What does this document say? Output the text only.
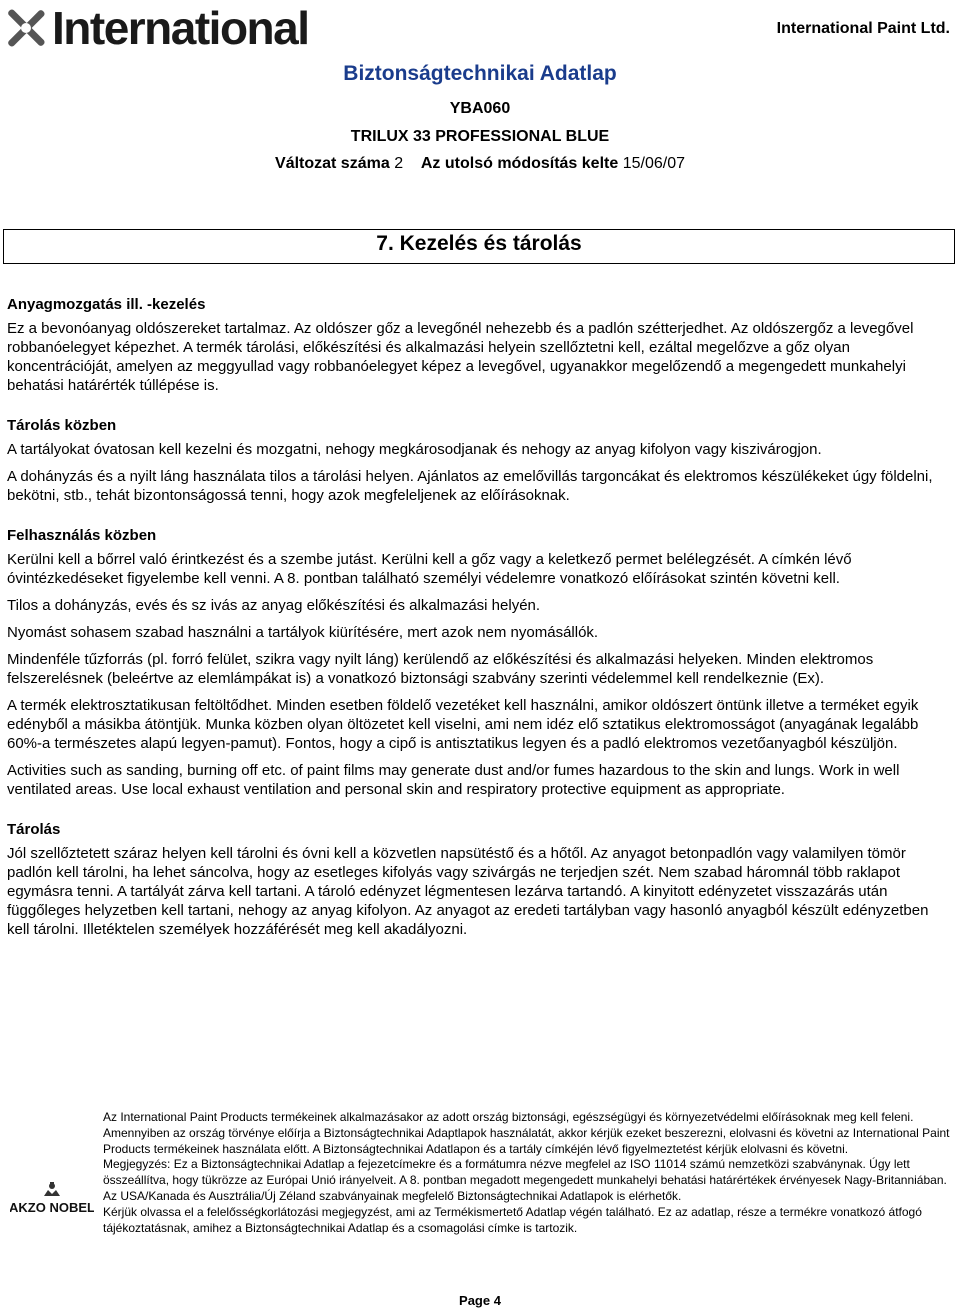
International	International Paint Ltd.
Biztonságtechnikai Adatlap
YBA060
TRILUX 33 PROFESSIONAL BLUE
Változat száma 2 Az utolsó módosítás kelte 15/06/07
7. Kezelés és tárolás
Anyagmozgatás ill. -kezelés
Ez a bevonóanyag oldószereket tartalmaz. Az oldószer gőz a levegőnél nehezebb és a padlón szétterjedhet. Az oldószergőz a levegővel robbanóelegyet képezhet. A termék tárolási, előkészítési és alkalmazási helyein szellőztetni kell, ezáltal megelőzve a gőz olyan koncentrációját, amelyen az meggyullad vagy robbanóelegyet képez a levegővel, ugyanakkor megelőzendő a megengedett munkahelyi behatási határérték túllépése is.
Tárolás közben
A tartályokat óvatosan kell kezelni és mozgatni, nehogy megkárosodjanak és nehogy az anyag kifolyon vagy kiszivárogjon.
A dohányzás és a nyilt láng használata tilos a tárolási helyen. Ajánlatos az emelővillás targoncákat és elektromos készülékeket úgy földelni, bekötni, stb., tehát bizontonságossá tenni, hogy azok megfeleljenek az előírásoknak.
Felhasználás közben
Kerülni kell a bőrrel való érintkezést és a szembe jutást. Kerülni kell a gőz vagy a keletkező permet belélegzését. A címkén lévő óvintézkedéseket figyelembe kell venni. A 8. pontban található személyi védelemre vonatkozó előírásokat szintén követni kell.
Tilos a dohányzás, evés és sz ivás az anyag előkészítési és alkalmazási helyén.
Nyomást sohasem szabad használni a tartályok kiürítésére, mert azok nem nyomásállók.
Mindenféle tűzforrás (pl. forró felület, szikra vagy nyilt láng) kerülendő az előkészítési és alkalmazási helyeken. Minden elektromos felszerelésnek (beleértve az elemlámpákat is) a vonatkozó biztonsági szabvány szerinti védelemmel kell rendelkeznie (Ex).
A termék elektrosztatikusan feltöltődhet. Minden esetben földelő vezetéket kell használni, amikor oldószert öntünk illetve a terméket egyik edényből a másikba átöntjük. Munka közben olyan öltözetet kell viselni, ami nem idéz elő sztatikus elektromosságot (anyagának legalább 60%-a természetes alapú legyen-pamut). Fontos, hogy a cipő is antisztatikus legyen és a padló elektromos vezetőanyagból készüljön.
Activities such as sanding, burning off etc. of paint films may generate dust and/or fumes hazardous to the skin and lungs. Work in well ventilated areas. Use local exhaust ventilation and personal skin and respiratory protective equipment as appropriate.
Tárolás
Jól szellőztetett száraz helyen kell tárolni és óvni kell a közvetlen napsütéstő és a hőtől. Az anyagot betonpadlón vagy valamilyen tömör padlón kell tárolni, ha lehet sáncolva, hogy az esetleges kifolyás vagy szivárgás ne terjedjen szét. Nem szabad háromnál több raklapot egymásra tenni. A tartályát zárva kell tartani. A tároló edényzet légmentesen lezárva tartandó. A kinyitott edényzetet visszazárás után függőleges helyzetben kell tartani, nehogy az anyag kifolyon. Az anyagot az eredeti tartályban vagy hasonló anyagból készült edényzetben kell tárolni. Illetéktelen személyek hozzáférését meg kell akadályozni.
AKZO NOBEL

Az International Paint Products termékeinek alkalmazásakor az adott ország biztonsági, egészségügyi és környezetvédelmi előírásoknak meg kell feleni.

Amennyiben az ország törvénye előírja a Biztonságtechnikai Adaptlapok használatát, akkor kérjük ezeket beszerezni, elolvasni és követni az International Paint Products termékeinek használata előtt. A Biztonságtechnikai Adatlapon és a tartály címkéjén lévő figyelmeztetést kérjük elolvasni és követni.

Megjegyzés: Ez a Biztonságtechnikai Adatlap a fejezetcímekre és a formátumra nézve megfelel az ISO 11014 számú nemzetközi szabványnak. Úgy lett összeállítva, hogy tükrözze az Európai Unió irányelveit. A 8. pontban megadott megengedett munkahelyi behatási határértékek érvényesek Nagy-Britanniában. Az USA/Kanada és Ausztrália/Új Zéland szabványainak megfelelő Biztonságtechnikai Adatlapok is elérhetők.

Kérjük olvassa el a felelősségkorlátozási megjegyzést, ami az Termékismertető Adatlap végén található. Ez az adatlap, része a termékre vonatkozó átfogó tájékoztatásnak, amihez a Biztonságtechnikai Adatlap és a csomagolási címke is tartozik.

Page 4
